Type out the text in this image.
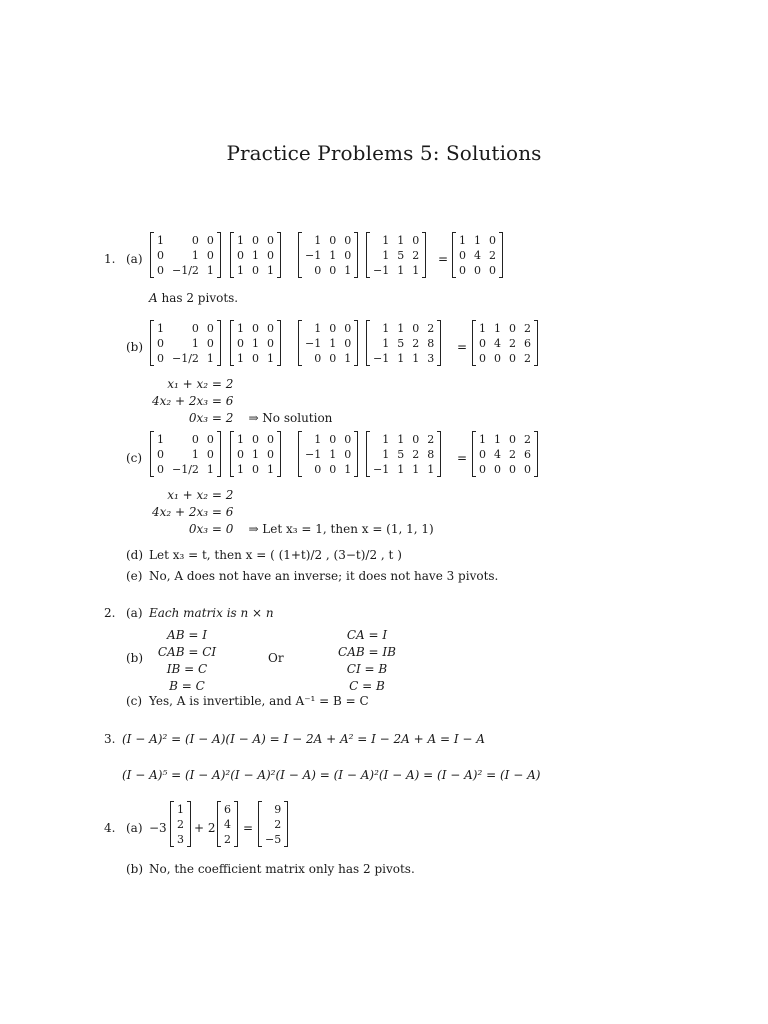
Practice Problems 5: Solutions
1. (a)
1	0	0
0	1	0
0	−1/2	1
1	0	0
0	1	0
1	0	1
1	0	0
−1	1	0
0	0	1
1	1	0
1	5	2
−1	1	1
=
1	1	0
0	4	2
0	0	0
A has 2 pivots.
(b)
1	0	0
0	1	0
0	−1/2	1
1	0	0
0	1	0
1	0	1
1	0	0
−1	1	0
0	0	1
1	1	0	2
1	5	2	8
−1	1	1	3
=
1	1	0	2
0	4	2	6
0	0	0	2
x₁ + x₂ = 2	
4x₂ + 2x₃ = 6	
0x₃ = 2	⇒ No solution
(c)
1	0	0
0	1	0
0	−1/2	1
1	0	0
0	1	0
1	0	1
1	0	0
−1	1	0
0	0	1
1	1	0	2
1	5	2	8
−1	1	1	1
=
1	1	0	2
0	4	2	6
0	0	0	0
x₁ + x₂ = 2	
4x₂ + 2x₃ = 6	
0x₃ = 0	⇒ Let x₃ = 1, then x = (1, 1, 1)
(d) Let x₃ = t, then x = ( (1+t)/2 , (3−t)/2 , t )
(e) No, A does not have an inverse; it does not have 3 pivots.
2. (a) Each matrix is n × n
(b)
AB = I
CAB = CI
IB = C
B = C
Or
CA = I
CAB = IB
CI = B
C = B
(c) Yes, A is invertible, and A⁻¹ = B = C
3. (I − A)² = (I − A)(I − A) = I − 2A + A² = I − 2A + A = I − A
(I − A)⁵ = (I − A)²(I − A)²(I − A) = (I − A)²(I − A) = (I − A)² = (I − A)
4. (a) −3
1
2
3
+ 2
6
4
2
=
9
2
−5
(b) No, the coefficient matrix only has 2 pivots.
